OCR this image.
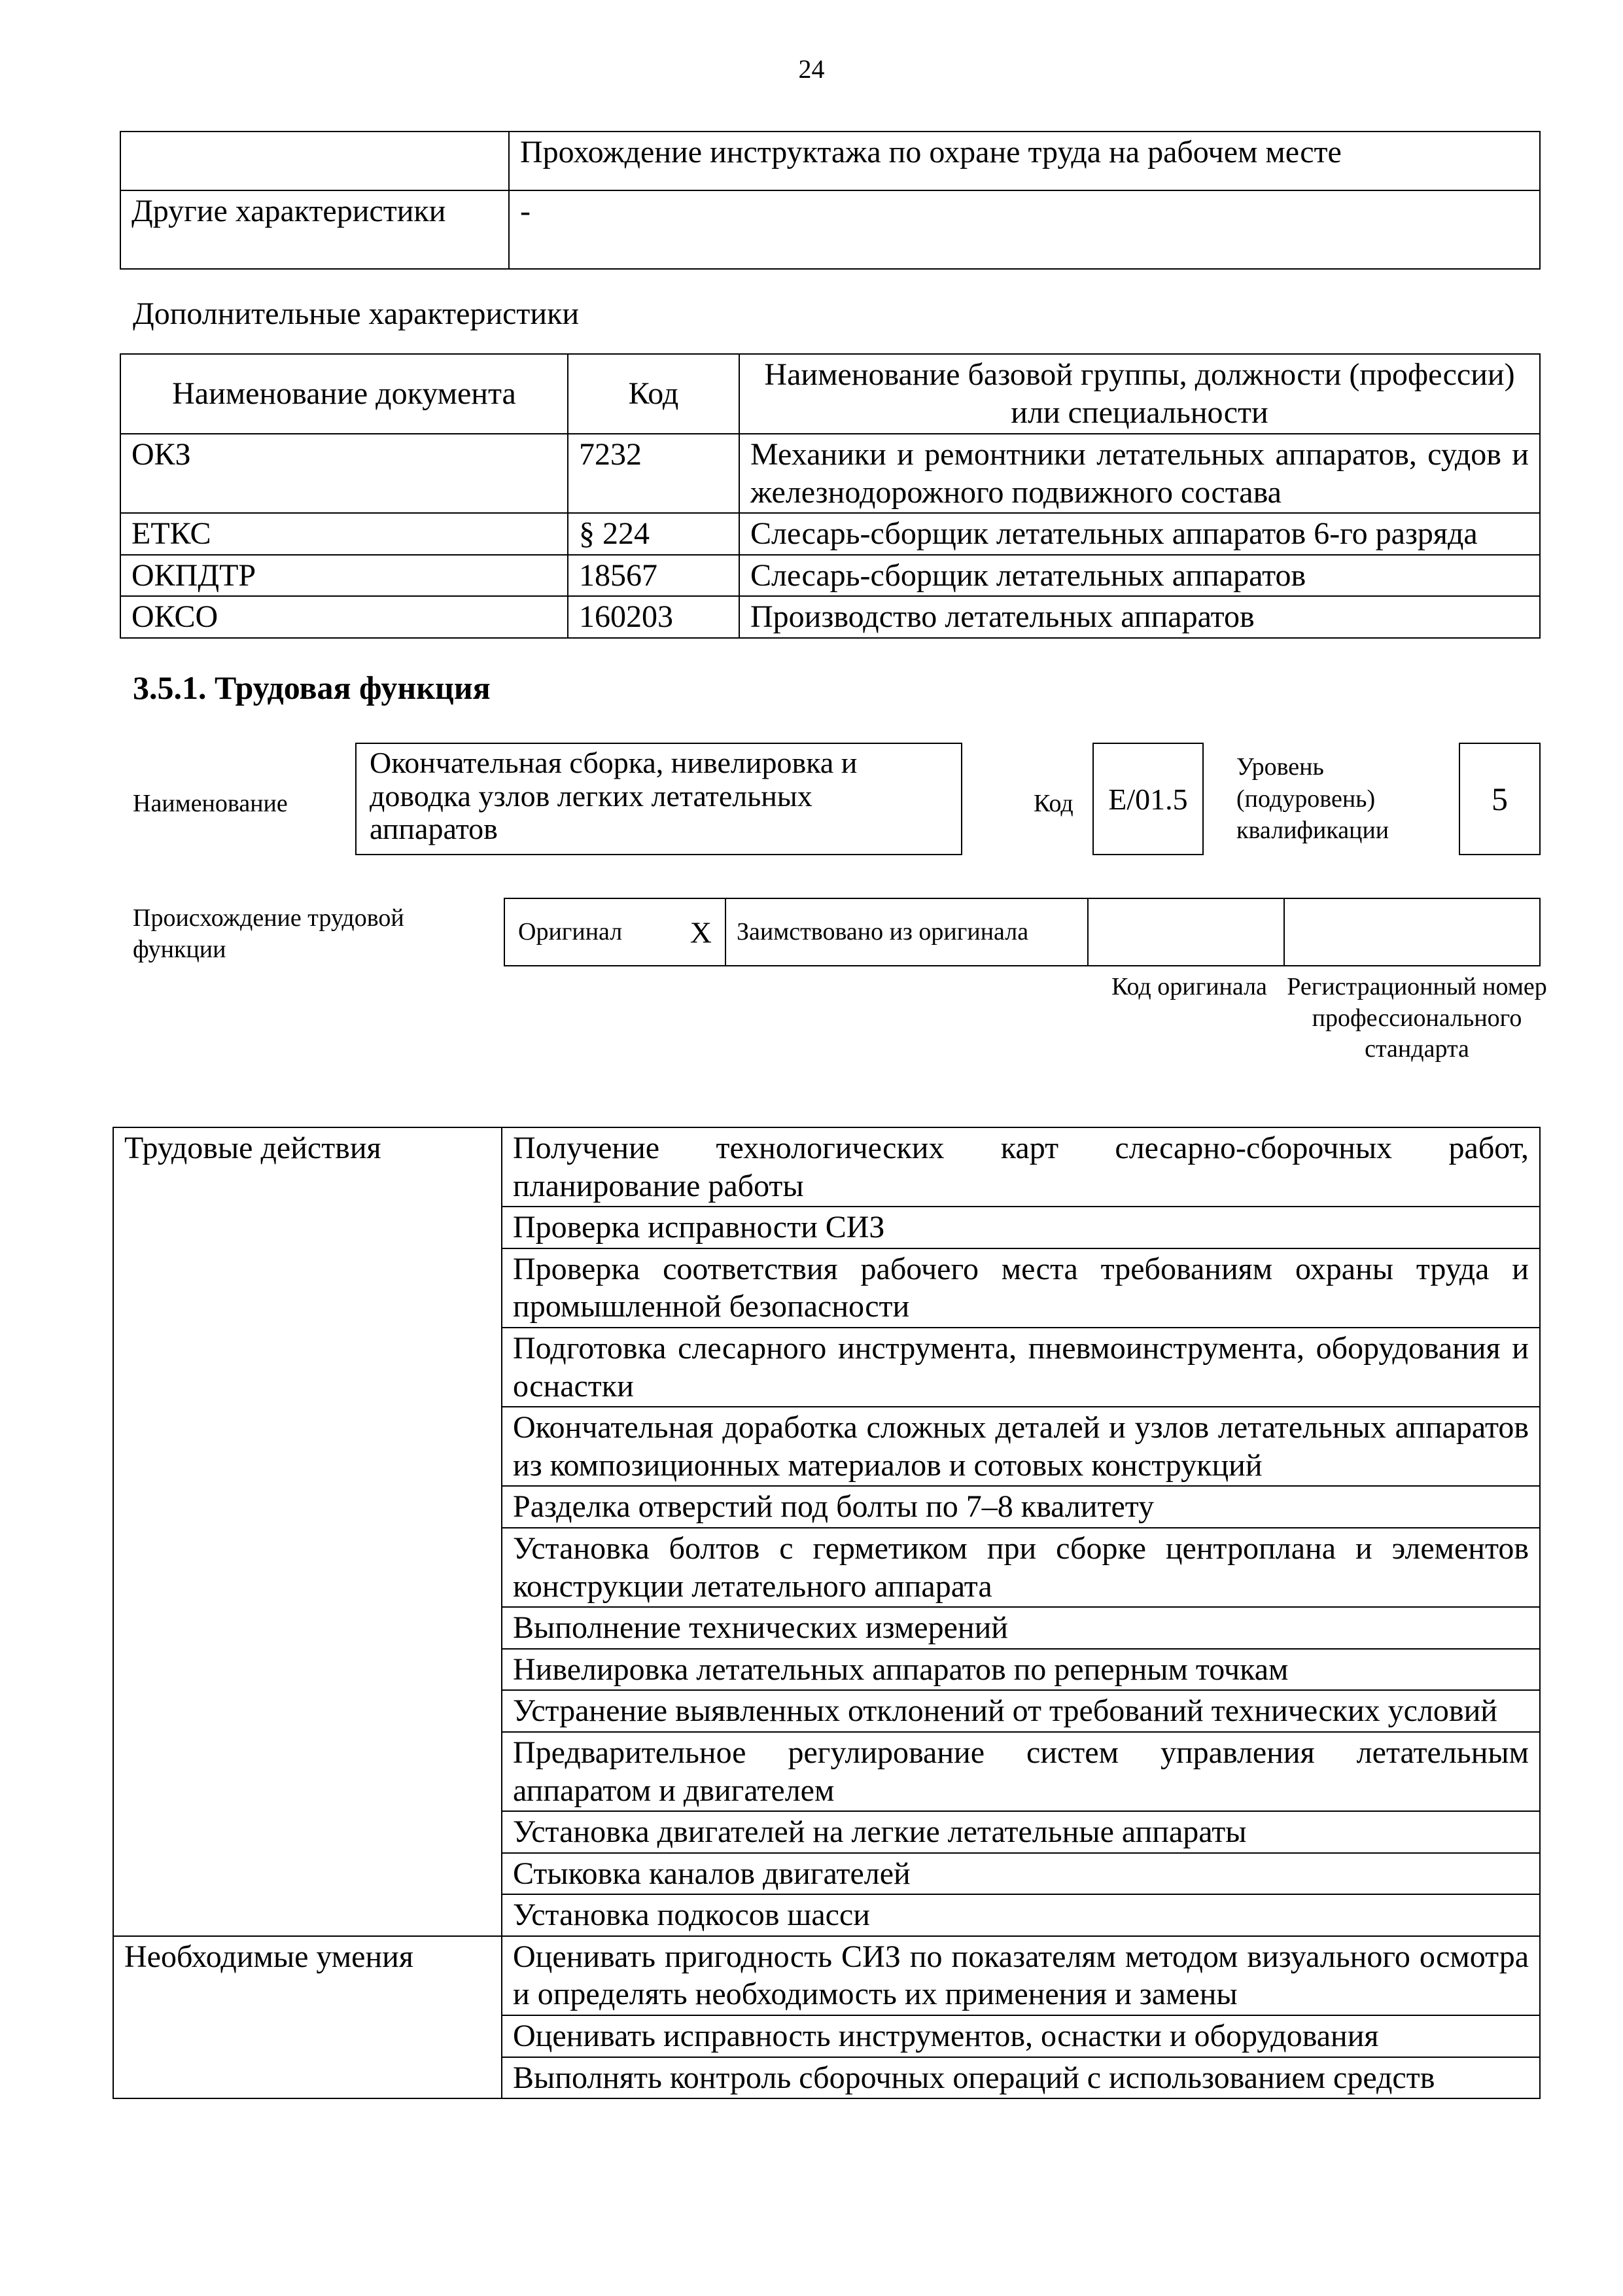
24
	Прохождение инструктажа по охране труда на рабочем месте
Другие характеристики	-
Дополнительные характеристики
Наименование документа	Код	Наименование базовой группы, должности (профессии) или специальности
ОКЗ	7232	Механики и ремонтники летательных аппаратов, судов и железнодорожного подвижного состава
ЕТКС	§ 224	Слесарь-сборщик летательных аппаратов 6-го разряда
ОКПДТР	18567	Слесарь-сборщик летательных аппаратов
ОКСО	160203	Производство летательных аппаратов
3.5.1. Трудовая функция
Наименование
Окончательная сборка, нивелировка и доводка узлов легких летательных аппаратов
Код	E/01.5
Уровень (подуровень) квалификации
5
Происхождение трудовой функции
Оригинал X	Заимствовано из оригинала		
Код оригинала Регистрационный номер профессионального стандарта
Трудовые действия	Получение технологических карт слесарно-сборочных работ, планирование работы
	Проверка исправности СИЗ
	Проверка соответствия рабочего места требованиям охраны труда и промышленной безопасности
	Подготовка слесарного инструмента, пневмоинструмента, оборудования и оснастки
	Окончательная доработка сложных деталей и узлов летательных аппаратов из композиционных материалов и сотовых конструкций
	Разделка отверстий под болты по 7–8 квалитету
	Установка болтов с герметиком при сборке центроплана и элементов конструкции летательного аппарата
	Выполнение технических измерений
	Нивелировка летательных аппаратов по реперным точкам
	Устранение выявленных отклонений от требований технических условий
	Предварительное регулирование систем управления летательным аппаратом и двигателем
	Установка двигателей на легкие летательные аппараты
	Стыковка каналов двигателей
	Установка подкосов шасси
Необходимые умения	Оценивать пригодность СИЗ по показателям методом визуального осмотра и определять необходимость их применения и замены
	Оценивать исправность инструментов, оснастки и оборудования
	Выполнять контроль сборочных операций с использованием средств
